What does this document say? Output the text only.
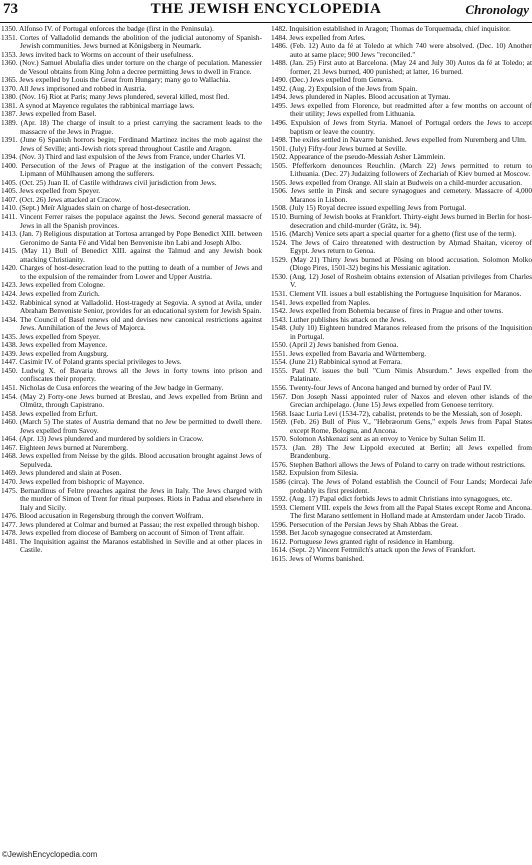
73	THE JEWISH ENCYCLOPEDIA	Chronology

1350. Alfonso IV. of Portugal enforces the badge (first in the Peninsula).

1351. Cortes of Valladolid demands the abolition of the judicial autonomy of Spanish-Jewish communities. Jews burned at Königsberg in Neumark.

1353. Jews invited back to Worms on account of their usefulness.

1360. (Nov.) Samuel Abulafia dies under torture on the charge of peculation. Manessier de Vesoul obtains from King John a decree permitting Jews to dwell in France.

1365. Jews expelled by Louis the Great from Hungary; many go to Wallachia.

1370. All Jews imprisoned and robbed in Austria.

1380. (Nov. 16) Riot at Paris; many Jews plundered, several killed, most fled.

1381. A synod at Mayence regulates the rabbinical marriage laws.

1387. Jews expelled from Basel.

1389. (Apr. 18) The charge of insult to a priest carrying the sacrament leads to the massacre of the Jews in Prague.

1391. (June 6) Spanish horrors begin; Ferdinand Martinez incites the mob against the Jews of Seville; anti-Jewish riots spread throughout Castile and Aragon.

1394. (Nov. 3) Third and last expulsion of the Jews from France, under Charles VI.

1400. Persecution of the Jews of Prague at the instigation of the convert Pessach; Lipmann of Mühlhausen among the sufferers.

1405. (Oct. 25) Juan II. of Castile withdraws civil jurisdiction from Jews.

1405. Jews expelled from Speyer.

1407. (Oct. 26) Jews attacked at Cracow.

1410. (Sept.) Meïr Alguades slain on charge of host-desecration.

1411. Vincent Ferrer raises the populace against the Jews. Second general massacre of Jews in all the Spanish provinces.

1413. (Jan. 7) Religious disputation at Tortosa arranged by Pope Benedict XIII. between Geronimo de Santa Fé and Vidal ben Benveniste ibn Labi and Joseph Albo.

1415. (May 11) Bull of Benedict XIII. against the Talmud and any Jewish book attacking Christianity.

1420. Charges of host-desecration lead to the putting to death of a number of Jews and to the expulsion of the remainder from Lower and Upper Austria.

1423. Jews expelled from Cologne.

1424. Jews expelled from Zurich.

1432. Rabbinical synod at Valladolid. Host-tragedy at Segovia. A synod at Avila, under Abraham Benveniste Senior, provides for an educational system for Jewish Spain.

1434. The Council of Basel renews old and devises new canonical restrictions against Jews. Annihilation of the Jews of Majorca.

1435. Jews expelled from Speyer.

1438. Jews expelled from Mayence.

1439. Jews expelled from Augsburg.

1447. Casimir IV. of Poland grants special privileges to Jews.

1450. Ludwig X. of Bavaria throws all the Jews in forty towns into prison and confiscates their property.

1451. Nicholas de Cusa enforces the wearing of the Jew badge in Germany.

1454. (May 2) Forty-one Jews burned at Breslau, and Jews expelled from Brünn and Olmütz, through Capistrano.

1458. Jews expelled from Erfurt.

1460. (March 5) The states of Austria demand that no Jew be permitted to dwell there. Jews expelled from Savoy.

1464. (Apr. 13) Jews plundered and murdered by soldiers in Cracow.

1467. Eighteen Jews burned at Nuremberg.

1468. Jews expelled from Neisse by the gilds. Blood accusation brought against Jews of Sepulveda.

1469. Jews plundered and slain at Posen.

1470. Jews expelled from bishopric of Mayence.

1475. Bernardinus of Feltre preaches against the Jews in Italy. The Jews charged with the murder of Simon of Trent for ritual purposes. Riots in Padua and elsewhere in Italy and Sicily.

1476. Blood accusation in Regensburg through the convert Wolfram.

1477. Jews plundered at Colmar and burned at Passau; the rest expelled through bishop.

1478. Jews expelled from diocese of Bamberg on account of Simon of Trent affair.

1481. The Inquisition against the Maranos established in Seville and at other places in Castile.

1482. Inquisition established in Aragon; Thomas de Torquemada, chief inquisitor.

1484. Jews expelled from Arles.

1486. (Feb. 12) Auto da fé at Toledo at which 740 were absolved. (Dec. 10) Another auto at same place; 900 Jews "reconciled."

1488. (Jan. 25) First auto at Barcelona. (May 24 and July 30) Autos da fé at Toledo; at former, 21 Jews burned, 400 punished; at latter, 16 burned.

1490. (Dec.) Jews expelled from Geneva.

1492. (Aug. 2) Expulsion of the Jews from Spain.

1494. Jews plundered in Naples. Blood accusation at Tyrnau.

1495. Jews expelled from Florence, but readmitted after a few months on account of their utility; Jews expelled from Lithuania.

1496. Expulsion of Jews from Styria. Manoel of Portugal orders the Jews to accept baptism or leave the country.

1498. The exiles settled in Navarre banished. Jews expelled from Nuremberg and Ulm.

1501. (July) Fifty-four Jews burned at Seville.

1502. Appearance of the pseudo-Messiah Asher Lämmlein.

1505. Pfefferkorn denounces Reuchlin. (March 22) Jews permitted to return to Lithuania. (Dec. 27) Judaizing followers of Zechariah of Kiev burned at Moscow.

1505. Jews expelled from Orange. All slain at Budweis on a child-murder accusation.

1506. Jews settle in Pinsk and secure synagogues and cemetery. Massacre of 4,000 Maranos in Lisbon.

1508. (July 15) Royal decree issued expelling Jews from Portugal.

1510. Burning of Jewish books at Frankfort. Thirty-eight Jews burned in Berlin for host-desecration and child-murder (Grätz, ix. 94).

1516. (March) Venice sets apart a special quarter for a ghetto (first use of the term).

1524. The Jews of Cairo threatened with destruction by Aḥmad Shaitan, viceroy of Egypt. Jews return to Genoa.

1529. (May 21) Thirty Jews burned at Pösing on blood accusation. Solomon Molko (Diogo Pires, 1501-32) begins his Messianic agitation.

1530. (Aug. 12) Josel of Rosheim obtains extension of Alsatian privileges from Charles V.

1531. Clement VII. issues a bull establishing the Portuguese Inquisition for Maranos.

1541. Jews expelled from Naples.

1542. Jews expelled from Bohemia because of fires in Prague and other towns.

1543. Luther publishes his attack on the Jews.

1548. (July 10) Eighteen hundred Maranos released from the prisons of the Inquisition in Portugal.

1550. (April 2) Jews banished from Genoa.

1551. Jews expelled from Bavaria and Württemberg.

1554. (June 21) Rabbinical synod at Ferrara.

1555. Paul IV. issues the bull "Cum Nimis Absurdum." Jews expelled from the Palatinate.

1556. Twenty-four Jews of Ancona hanged and burned by order of Paul IV.

1567. Don Joseph Nassi appointed ruler of Naxos and eleven other islands of the Grecian archipelago. (June 15) Jews expelled from Genoese territory.

1568. Isaac Luria Levi (1534-72), cabalist, pretends to be the Messiah, son of Joseph.

1569. (Feb. 26) Bull of Pius V., "Hebræorum Gens," expels Jews from Papal States except Rome, Bologna, and Ancona.

1570. Solomon Ashkenazi sent as an envoy to Venice by Sultan Selim II.

1573. (Jan. 28) The Jew Lippold executed at Berlin; all Jews expelled from Brandenburg.

1576. Stephen Bathori allows the Jews of Poland to carry on trade without restrictions.

1582. Expulsion from Silesia.

1586 (circa). The Jews of Poland establish the Council of Four Lands; Mordecai Jafe probably its first president.

1592. (Aug. 17) Papal edict forbids Jews to admit Christians into synagogues, etc.

1593. Clement VIII. expels the Jews from all the Papal States except Rome and Ancona. The first Marano settlement in Holland made at Amsterdam under Jacob Tirado.

1596. Persecution of the Persian Jews by Shah Abbas the Great.

1598. Bet Jacob synagogue consecrated at Amsterdam.

1612. Portuguese Jews granted right of residence in Hamburg.

1614. (Sept. 2) Vincent Fettmilch's attack upon the Jews of Frankfort.

1615. Jews of Worms banished.

©JewishEncyclopedia.com
